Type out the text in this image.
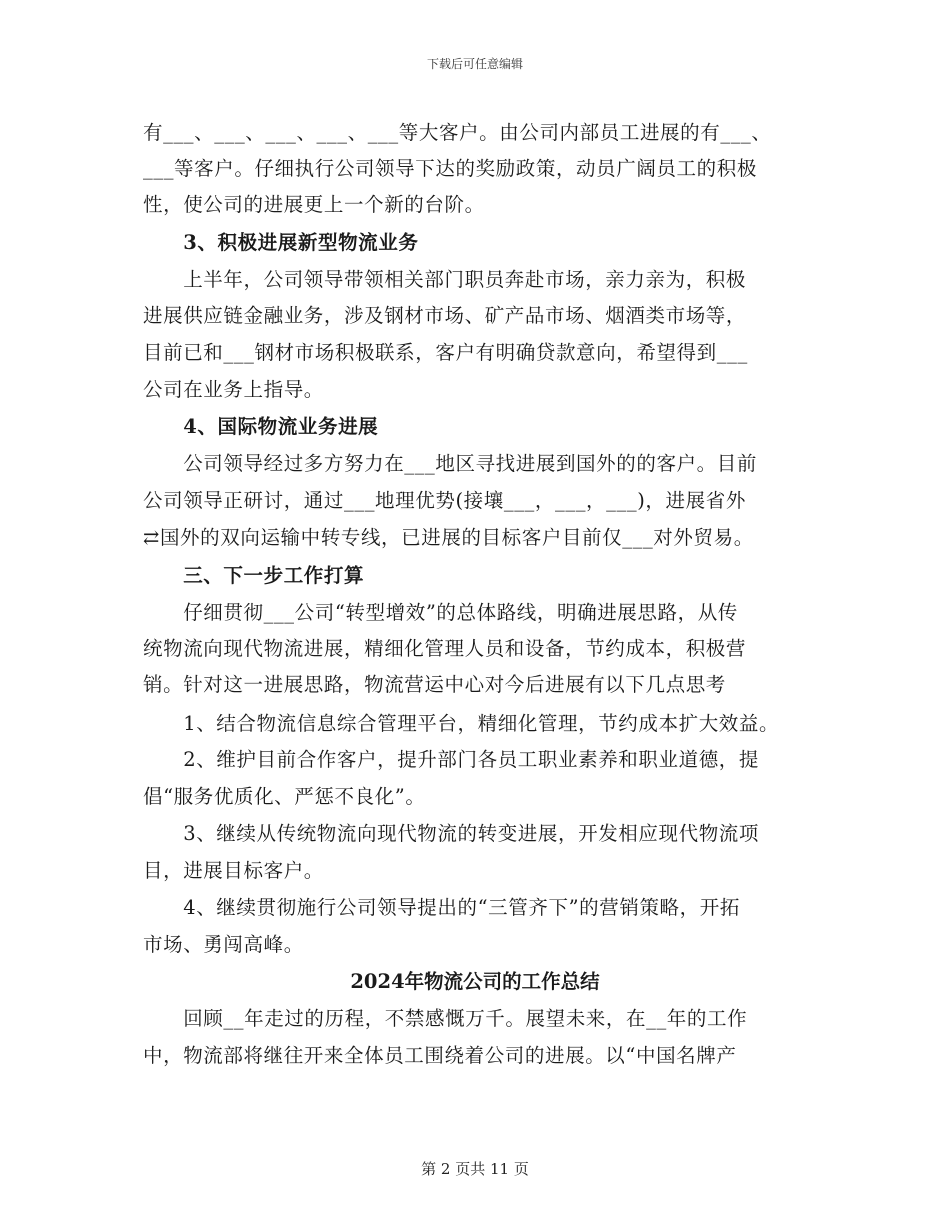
下载后可任意编辑
有___、___、___、___、___等大客户。由公司内部员工进展的有___、
___等客户。仔细执行公司领导下达的奖励政策，动员广阔员工的积极
性，使公司的进展更上一个新的台阶。
　　3、积极进展新型物流业务
　　上半年，公司领导带领相关部门职员奔赴市场，亲力亲为，积极
进展供应链金融业务，涉及钢材市场、矿产品市场、烟酒类市场等，
目前已和___钢材市场积极联系，客户有明确贷款意向，希望得到___
公司在业务上指导。
　　4、国际物流业务进展
　　公司领导经过多方努力在___地区寻找进展到国外的的客户。目前
公司领导正研讨，通过___地理优势(接壤___，___，___)，进展省外
⇄国外的双向运输中转专线，已进展的目标客户目前仅___对外贸易。
　　三、下一步工作打算
　　仔细贯彻___公司“转型增效”的总体路线，明确进展思路，从传
统物流向现代物流进展，精细化管理人员和设备，节约成本，积极营
销。针对这一进展思路，物流营运中心对今后进展有以下几点思考
　　1、结合物流信息综合管理平台，精细化管理，节约成本扩大效益。
　　2、维护目前合作客户，提升部门各员工职业素养和职业道德，提
倡“服务优质化、严惩不良化”。
　　3、继续从传统物流向现代物流的转变进展，开发相应现代物流项
目，进展目标客户。
　　4、继续贯彻施行公司领导提出的“三管齐下”的营销策略，开拓
市场、勇闯高峰。
2024年物流公司的工作总结
　　回顾__年走过的历程，不禁感慨万千。展望未来，在__年的工作
中，物流部将继往开来全体员工围绕着公司的进展。以“中国名牌产
第 2 页共 11 页
